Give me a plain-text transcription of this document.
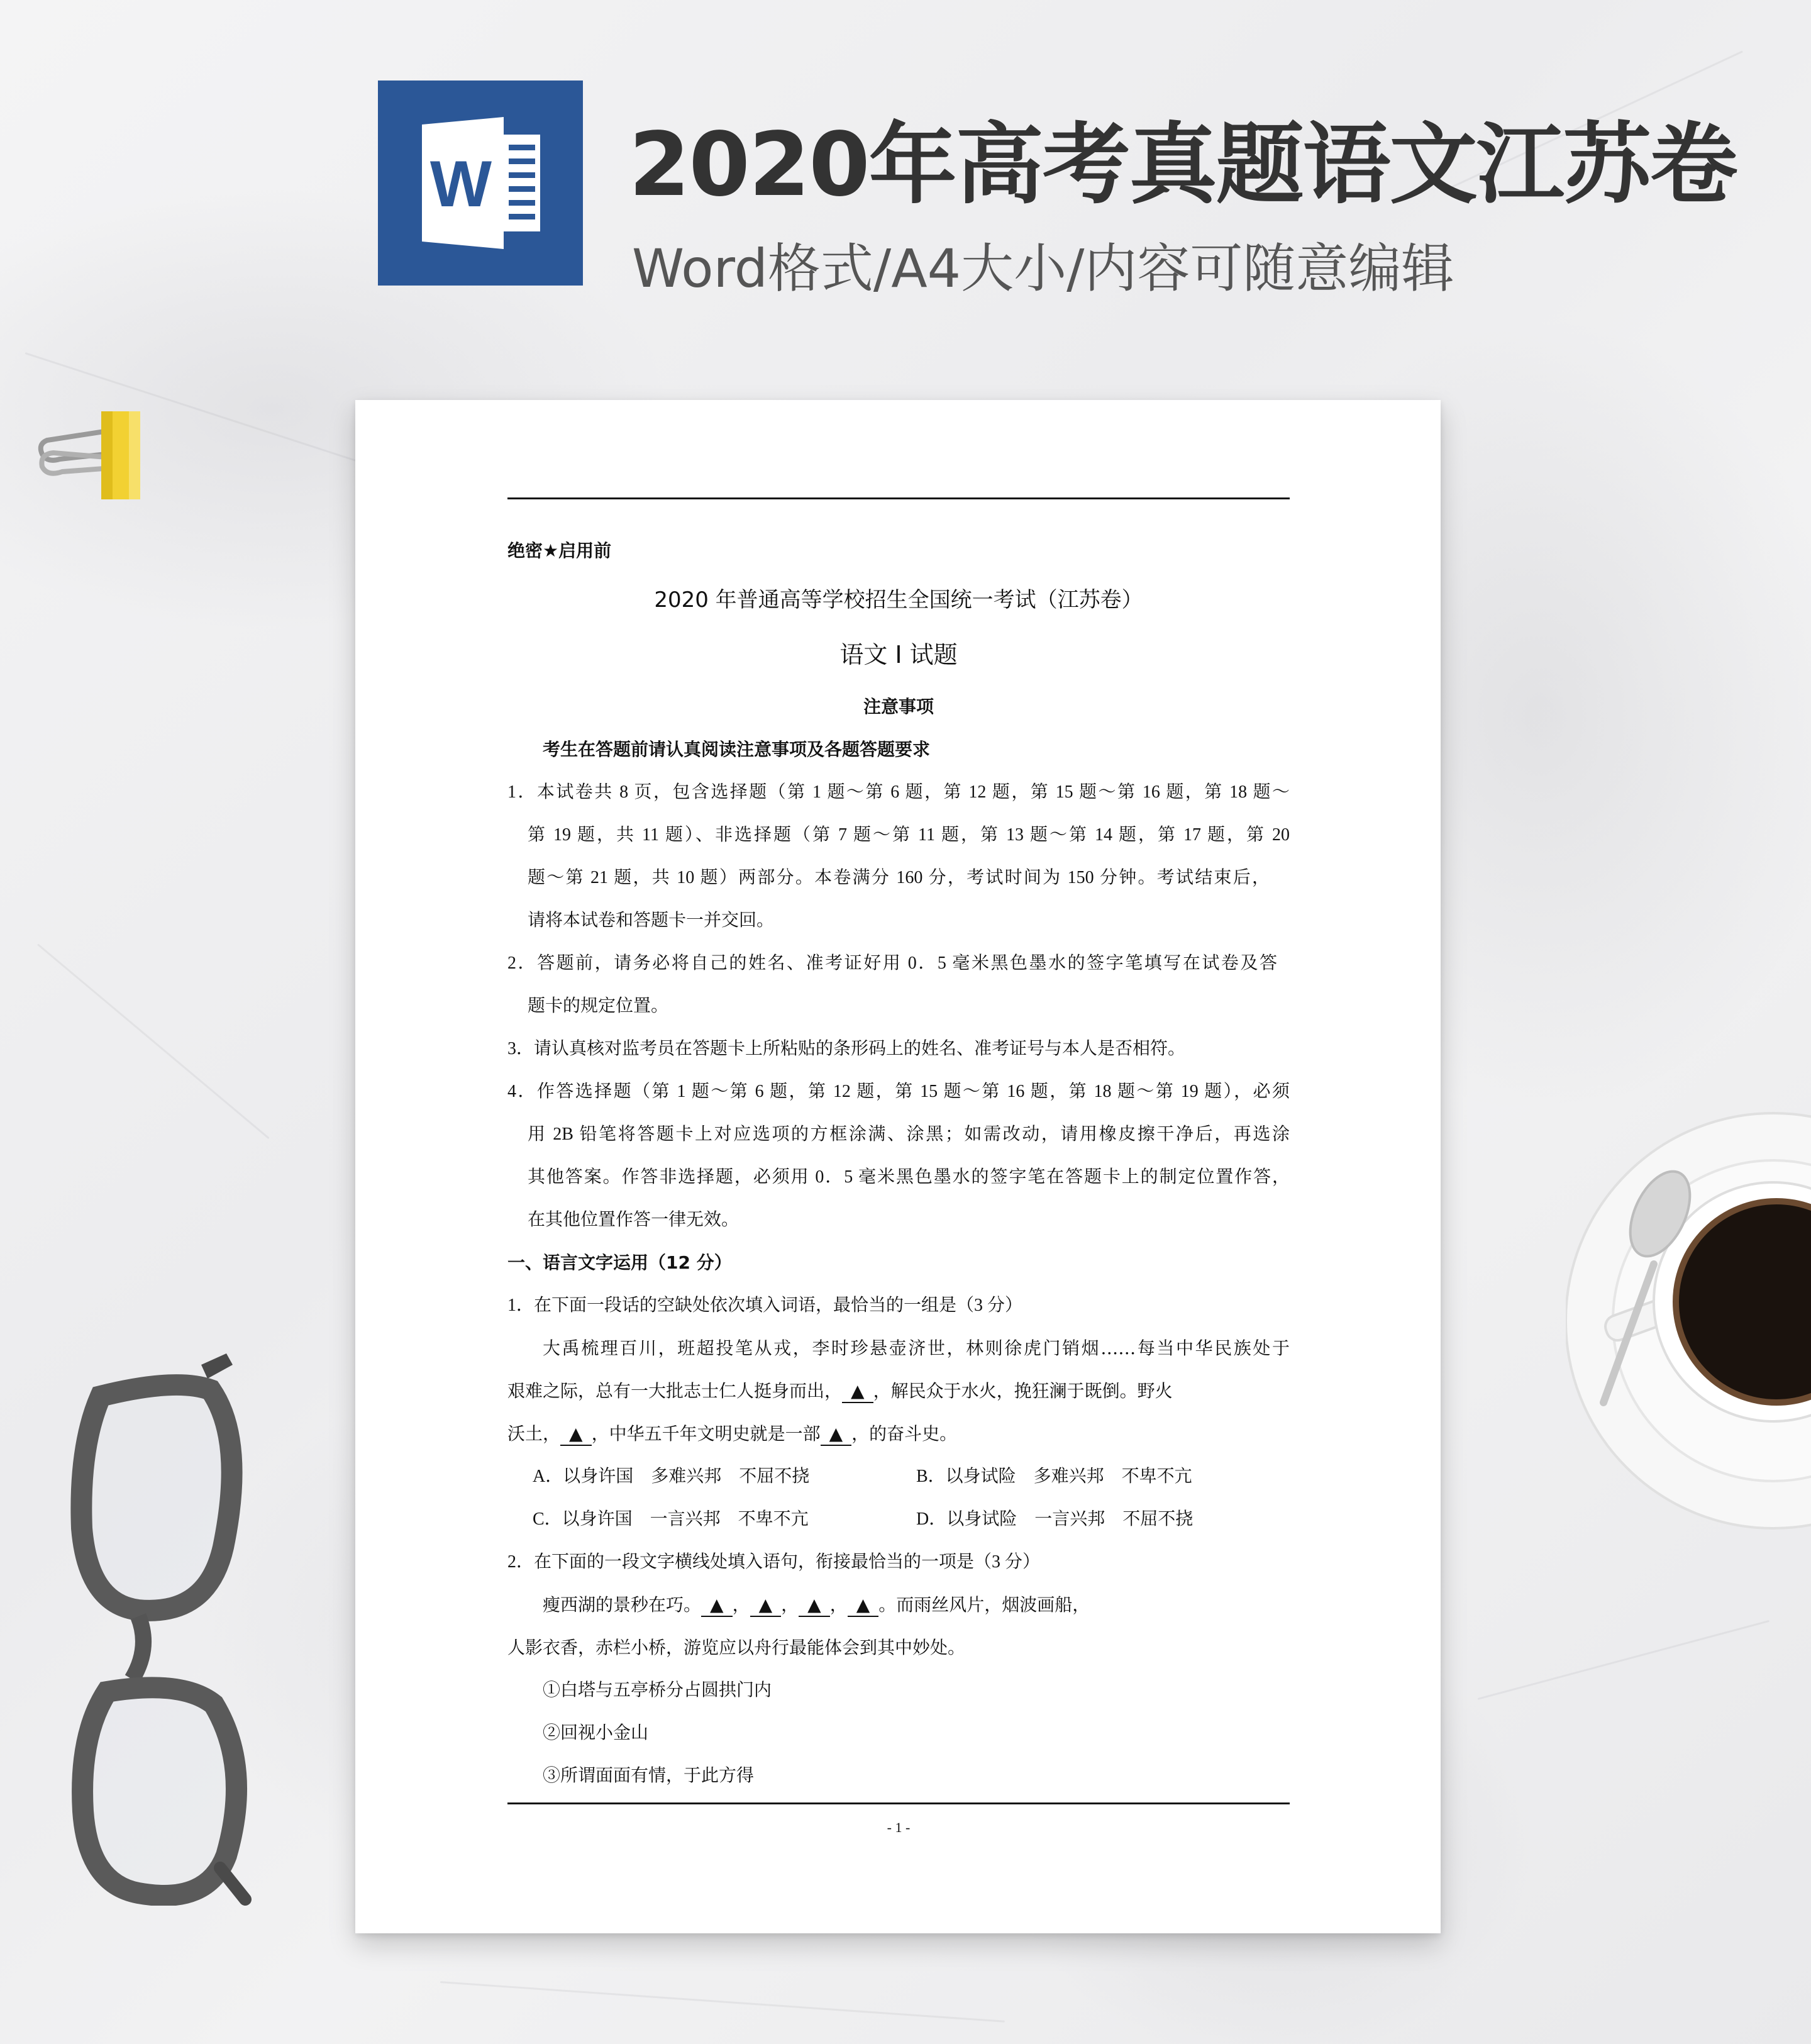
W 2020年高考真题语文江苏卷
Word格式/A4大小/内容可随意编辑
绝密★启用前
2020 年普通高等学校招生全国统一考试（江苏卷）
语文 I 试题
注意事项
考生在答题前请认真阅读注意事项及各题答题要求
1．本试卷共 8 页，包含选择题（第 1 题～第 6 题，第 12 题，第 15 题～第 16 题，第 18 题～
第 19 题，共 11 题）、非选择题（第 7 题～第 11 题，第 13 题～第 14 题，第 17 题，第 20
题～第 21 题，共 10 题）两部分。本卷满分 160 分，考试时间为 150 分钟。考试结束后，
请将本试卷和答题卡一并交回。
2．答题前，请务必将自己的姓名、准考证好用 0．5 毫米黑色墨水的签字笔填写在试卷及答
题卡的规定位置。
3．请认真核对监考员在答题卡上所粘贴的条形码上的姓名、准考证号与本人是否相符。
4．作答选择题（第 1 题～第 6 题，第 12 题，第 15 题～第 16 题，第 18 题～第 19 题），必须
用 2B 铅笔将答题卡上对应选项的方框涂满、涂黑；如需改动，请用橡皮擦干净后，再选涂
其他答案。作答非选择题，必须用 0．5 毫米黑色墨水的签字笔在答题卡上的制定位置作答，
在其他位置作答一律无效。
一、语言文字运用（12 分）
1．在下面一段话的空缺处依次填入词语，最恰当的一组是（3 分）
大禹梳理百川，班超投笔从戎，李时珍悬壶济世，林则徐虎门销烟……每当中华民族处于
艰难之际，总有一大批志士仁人挺身而出， ▲ ，解民众于水火，挽狂澜于既倒。野火
沃土， ▲ ，中华五千年文明史就是一部 ▲ ，的奋斗史。
A．以身许国　多难兴邦　不屈不挠	B．以身试险　多难兴邦　不卑不亢
C．以身许国　一言兴邦　不卑不亢	D．以身试险　一言兴邦　不屈不挠
2．在下面的一段文字横线处填入语句，衔接最恰当的一项是（3 分）
瘦西湖的景秒在巧。 ▲ ， ▲ ， ▲ ， ▲ 。而雨丝风片，烟波画船，
人影衣香，赤栏小桥，游览应以舟行最能体会到其中妙处。
①白塔与五亭桥分占圆拱门内
②回视小金山
③所谓面面有情，于此方得
- 1 -
